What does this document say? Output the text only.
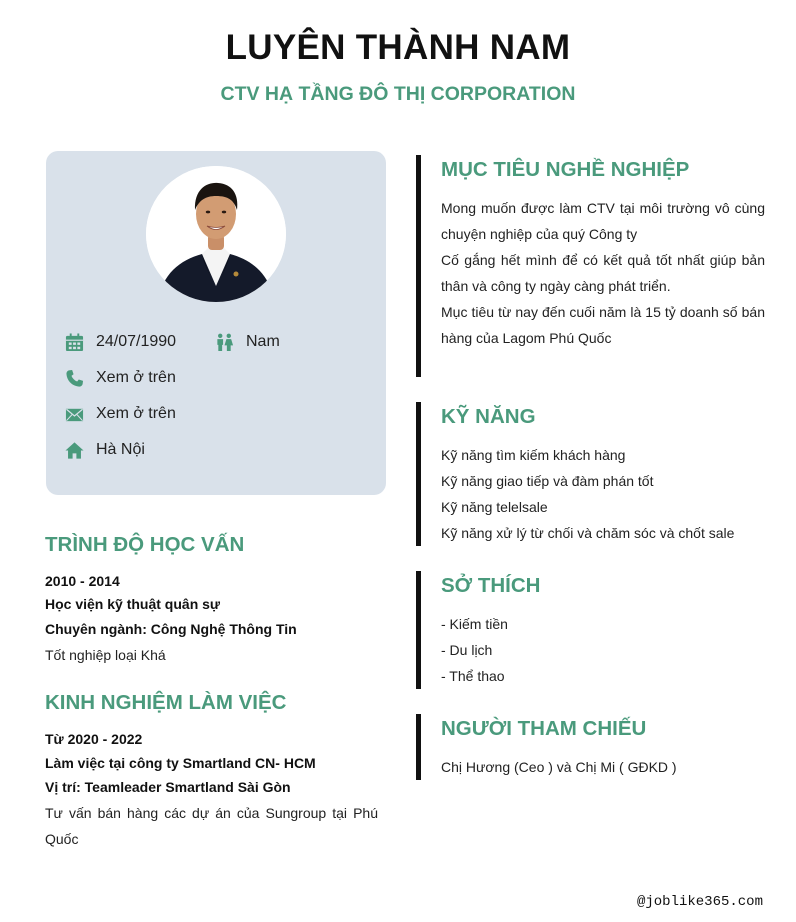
LUYÊN THÀNH NAM
CTV HẠ TẦNG ĐÔ THỊ CORPORATION
24/07/1990	Nam
Xem ở trên
Xem ở trên
Hà Nội
TRÌNH ĐỘ HỌC VẤN
2010 - 2014
Học viện kỹ thuật quân sự
Chuyên ngành: Công Nghệ Thông Tin
Tốt nghiệp loại Khá
KINH NGHIỆM LÀM VIỆC
Từ 2020 - 2022
Làm việc tại công ty Smartland CN- HCM
Vị trí: Teamleader Smartland Sài Gòn
Tư vấn bán hàng các dự án của Sungroup tại Phú Quốc
MỤC TIÊU NGHỀ NGHIỆP
Mong muốn được làm CTV tại môi trường vô cùng chuyện nghiệp của quý Công ty
Cố gắng hết mình để có kết quả tốt nhất giúp bản thân và công ty ngày càng phát triển.
Mục tiêu từ nay đến cuối năm là 15 tỷ doanh số bán hàng của Lagom Phú Quốc
KỸ NĂNG
Kỹ năng tìm kiếm khách hàng
Kỹ năng giao tiếp và đàm phán tốt
Kỹ năng telelsale
Kỹ năng xử lý từ chối và chăm sóc và chốt sale
SỞ THÍCH
- Kiếm tiền
- Du lịch
- Thể thao
NGƯỜI THAM CHIẾU
Chị Hương (Ceo ) và Chị Mi ( GĐKD )
@joblike365.com
